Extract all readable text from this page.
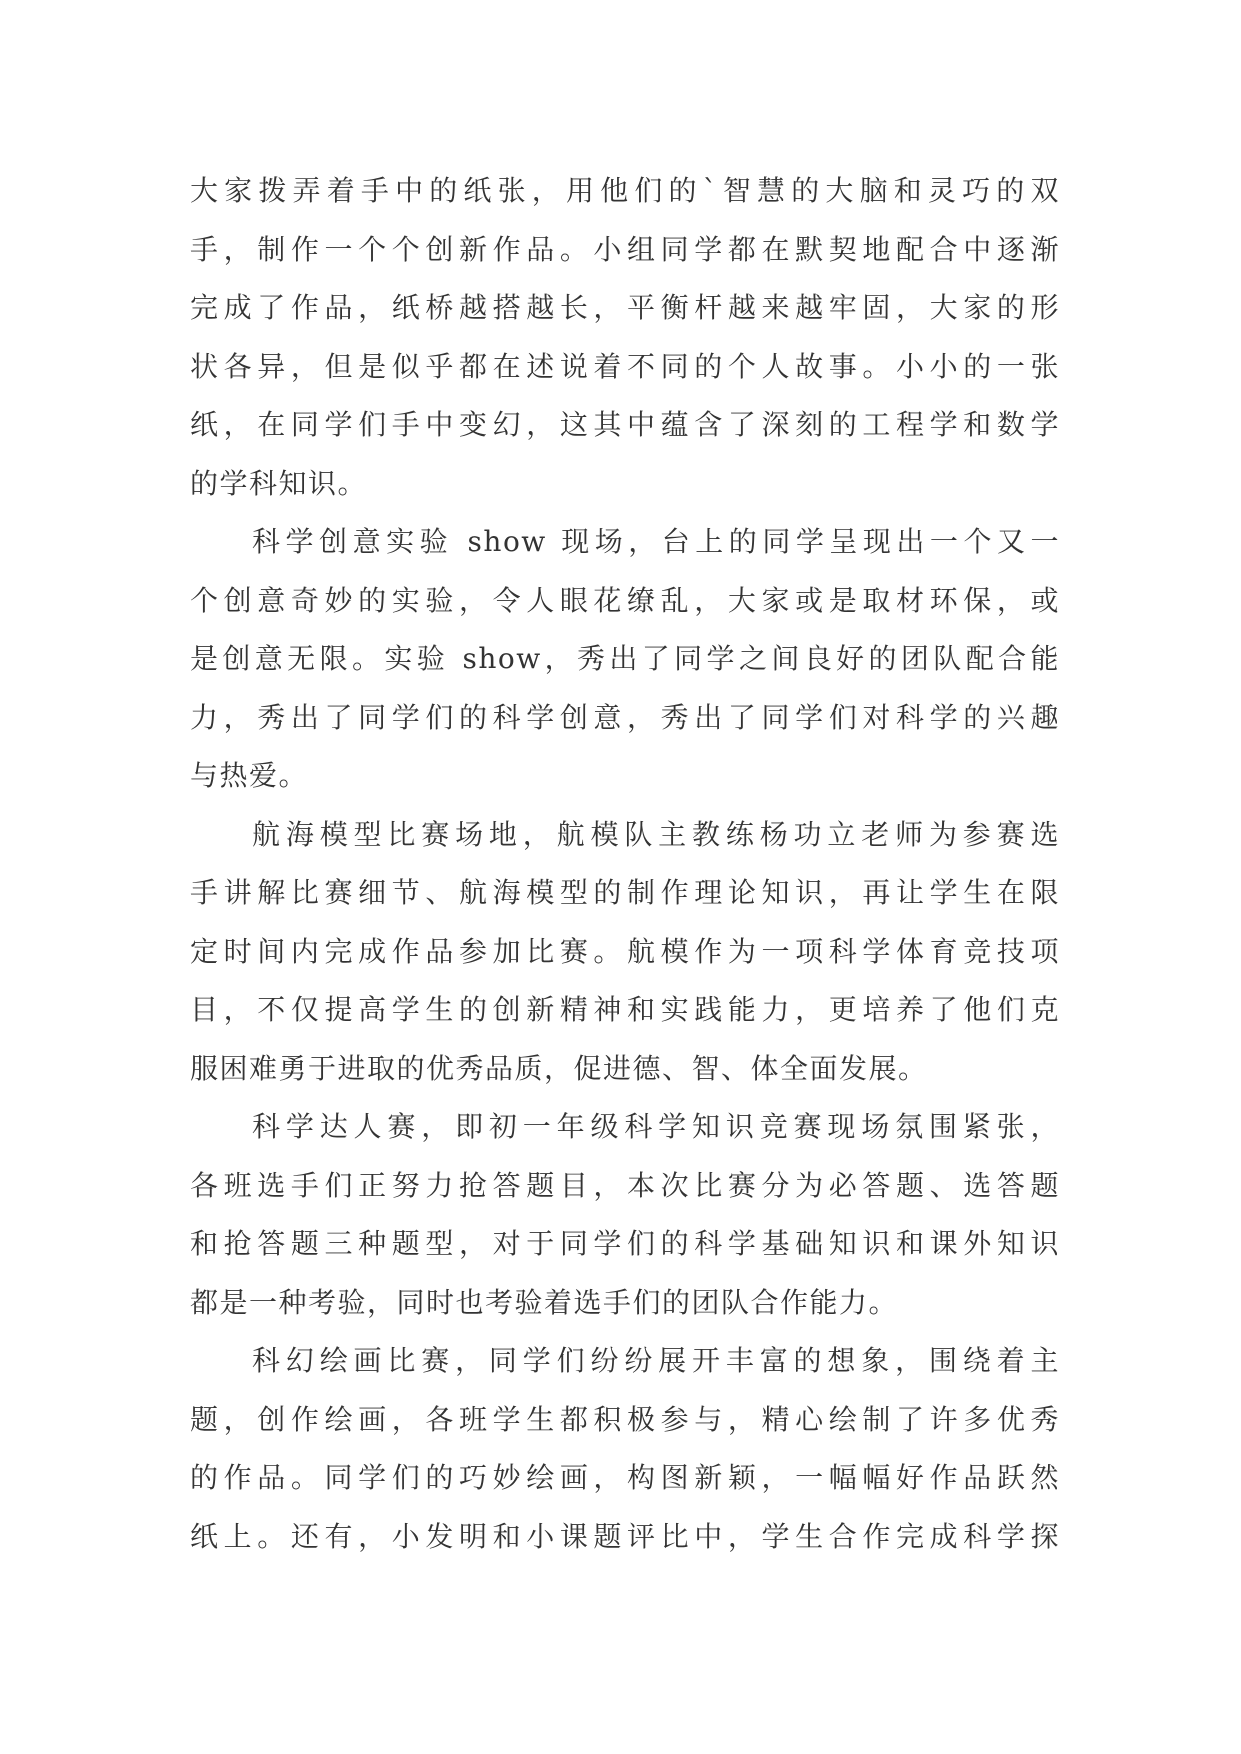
大家拨弄着手中的纸张，用他们的`智慧的大脑和灵巧的双
手，制作一个个创新作品。小组同学都在默契地配合中逐渐
完成了作品，纸桥越搭越长，平衡杆越来越牢固，大家的形
状各异，但是似乎都在述说着不同的个人故事。小小的一张
纸，在同学们手中变幻，这其中蕴含了深刻的工程学和数学
的学科知识。
科学创意实验 show 现场，台上的同学呈现出一个又一
个创意奇妙的实验，令人眼花缭乱，大家或是取材环保，或
是创意无限。实验 show，秀出了同学之间良好的团队配合能
力，秀出了同学们的科学创意，秀出了同学们对科学的兴趣
与热爱。
航海模型比赛场地，航模队主教练杨功立老师为参赛选
手讲解比赛细节、航海模型的制作理论知识，再让学生在限
定时间内完成作品参加比赛。航模作为一项科学体育竞技项
目，不仅提高学生的创新精神和实践能力，更培养了他们克
服困难勇于进取的优秀品质，促进德、智、体全面发展。
科学达人赛，即初一年级科学知识竞赛现场氛围紧张，
各班选手们正努力抢答题目，本次比赛分为必答题、选答题
和抢答题三种题型，对于同学们的科学基础知识和课外知识
都是一种考验，同时也考验着选手们的团队合作能力。
科幻绘画比赛，同学们纷纷展开丰富的想象，围绕着主
题，创作绘画，各班学生都积极参与，精心绘制了许多优秀
的作品。同学们的巧妙绘画，构图新颖，一幅幅好作品跃然
纸上。还有，小发明和小课题评比中，学生合作完成科学探
